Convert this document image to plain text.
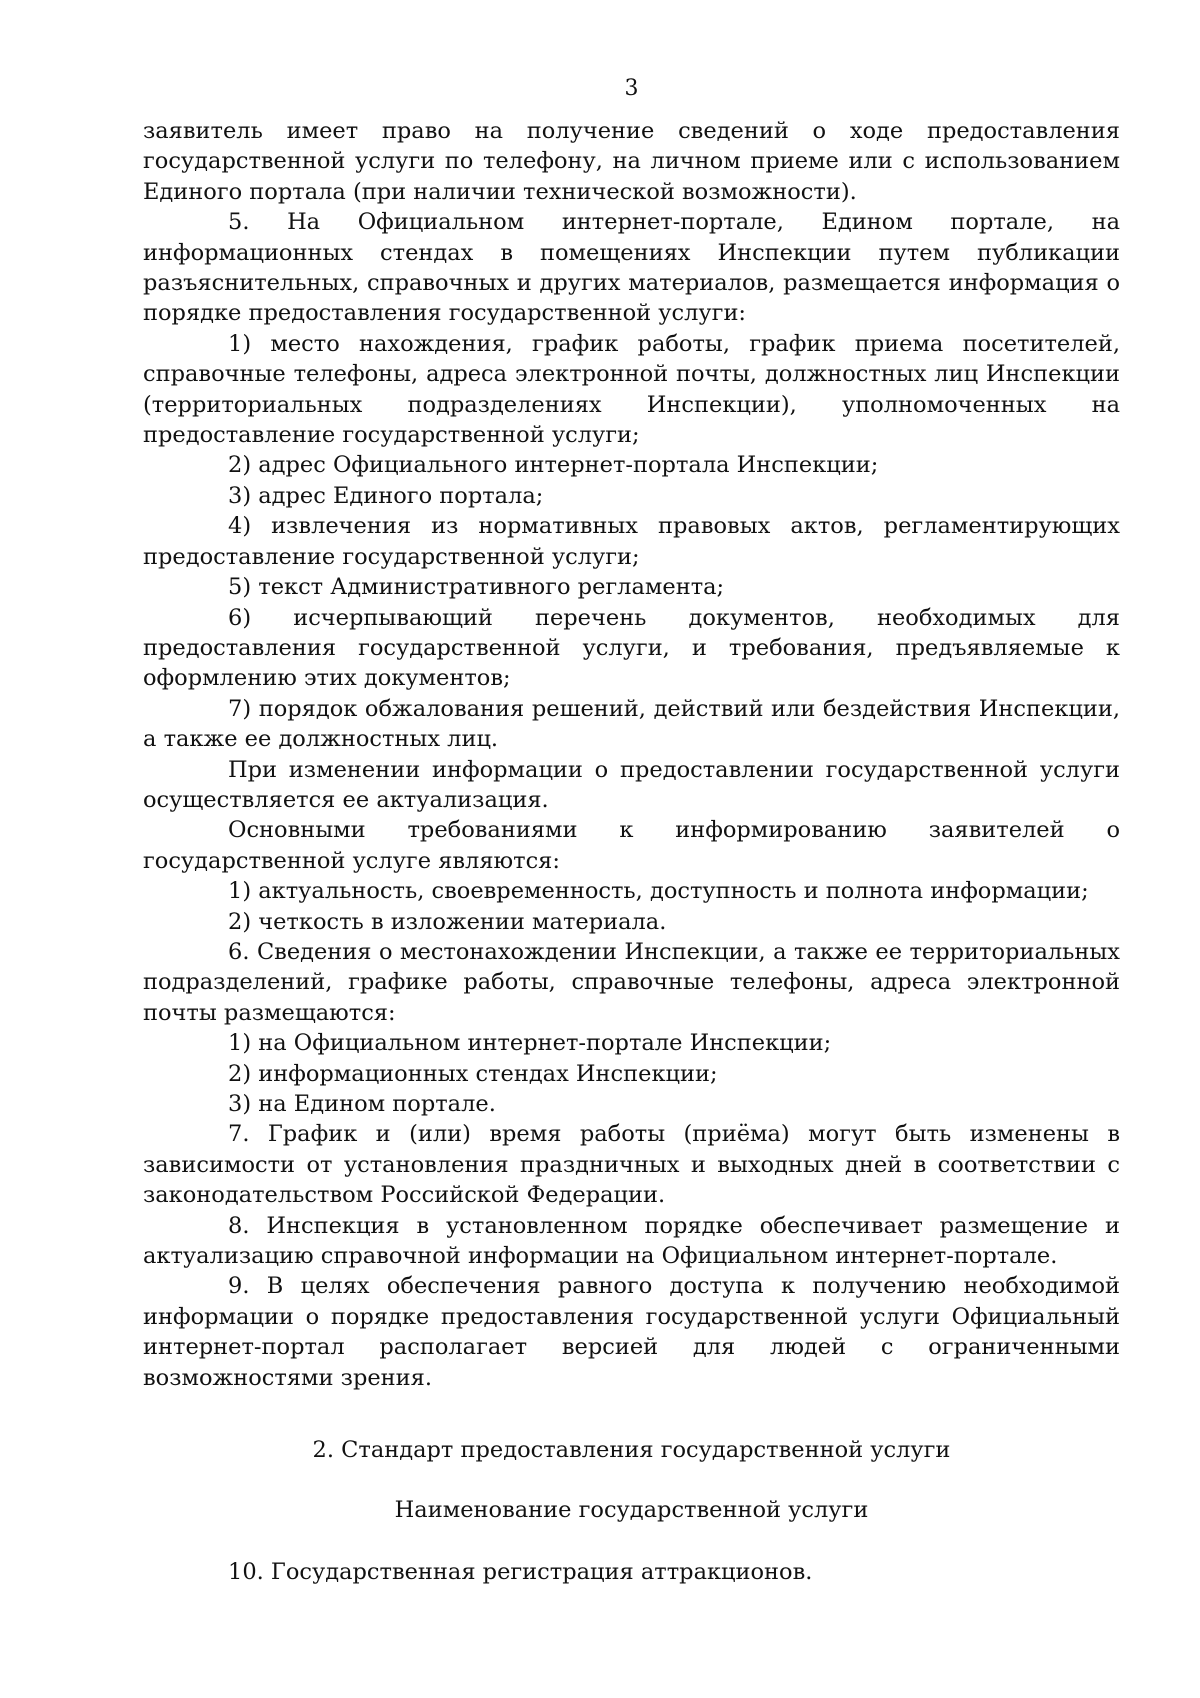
3

заявитель имеет право на получение сведений о ходе предоставления государственной услуги по телефону, на личном приеме или с использованием Единого портала (при наличии технической возможности).

5. На Официальном интернет-портале, Едином портале, на информационных стендах в помещениях Инспекции путем публикации разъяснительных, справочных и других материалов, размещается информация о порядке предоставления государственной услуги:

1) место нахождения, график работы, график приема посетителей, справочные телефоны, адреса электронной почты, должностных лиц Инспекции (территориальных подразделениях Инспекции), уполномоченных на предоставление государственной услуги;

2) адрес Официального интернет-портала Инспекции;

3) адрес Единого портала;

4) извлечения из нормативных правовых актов, регламентирующих предоставление государственной услуги;

5) текст Административного регламента;

6) исчерпывающий перечень документов, необходимых для предоставления государственной услуги, и требования, предъявляемые к оформлению этих документов;

7) порядок обжалования решений, действий или бездействия Инспекции, а также ее должностных лиц.

При изменении информации о предоставлении государственной услуги осуществляется ее актуализация.

Основными требованиями к информированию заявителей о государственной услуге являются:

1) актуальность, своевременность, доступность и полнота информации;

2) четкость в изложении материала.

6. Сведения о местонахождении Инспекции, а также ее территориальных подразделений, графике работы, справочные телефоны, адреса электронной почты размещаются:

1) на Официальном интернет-портале Инспекции;

2) информационных стендах Инспекции;

3) на Едином портале.

7. График и (или) время работы (приёма) могут быть изменены в зависимости от установления праздничных и выходных дней в соответствии с законодательством Российской Федерации.

8. Инспекция в установленном порядке обеспечивает размещение и актуализацию справочной информации на Официальном интернет-портале.

9. В целях обеспечения равного доступа к получению необходимой информации о порядке предоставления государственной услуги Официальный интернет-портал располагает версией для людей с ограниченными возможностями зрения.

2. Стандарт предоставления государственной услуги

Наименование государственной услуги

10. Государственная регистрация аттракционов.
